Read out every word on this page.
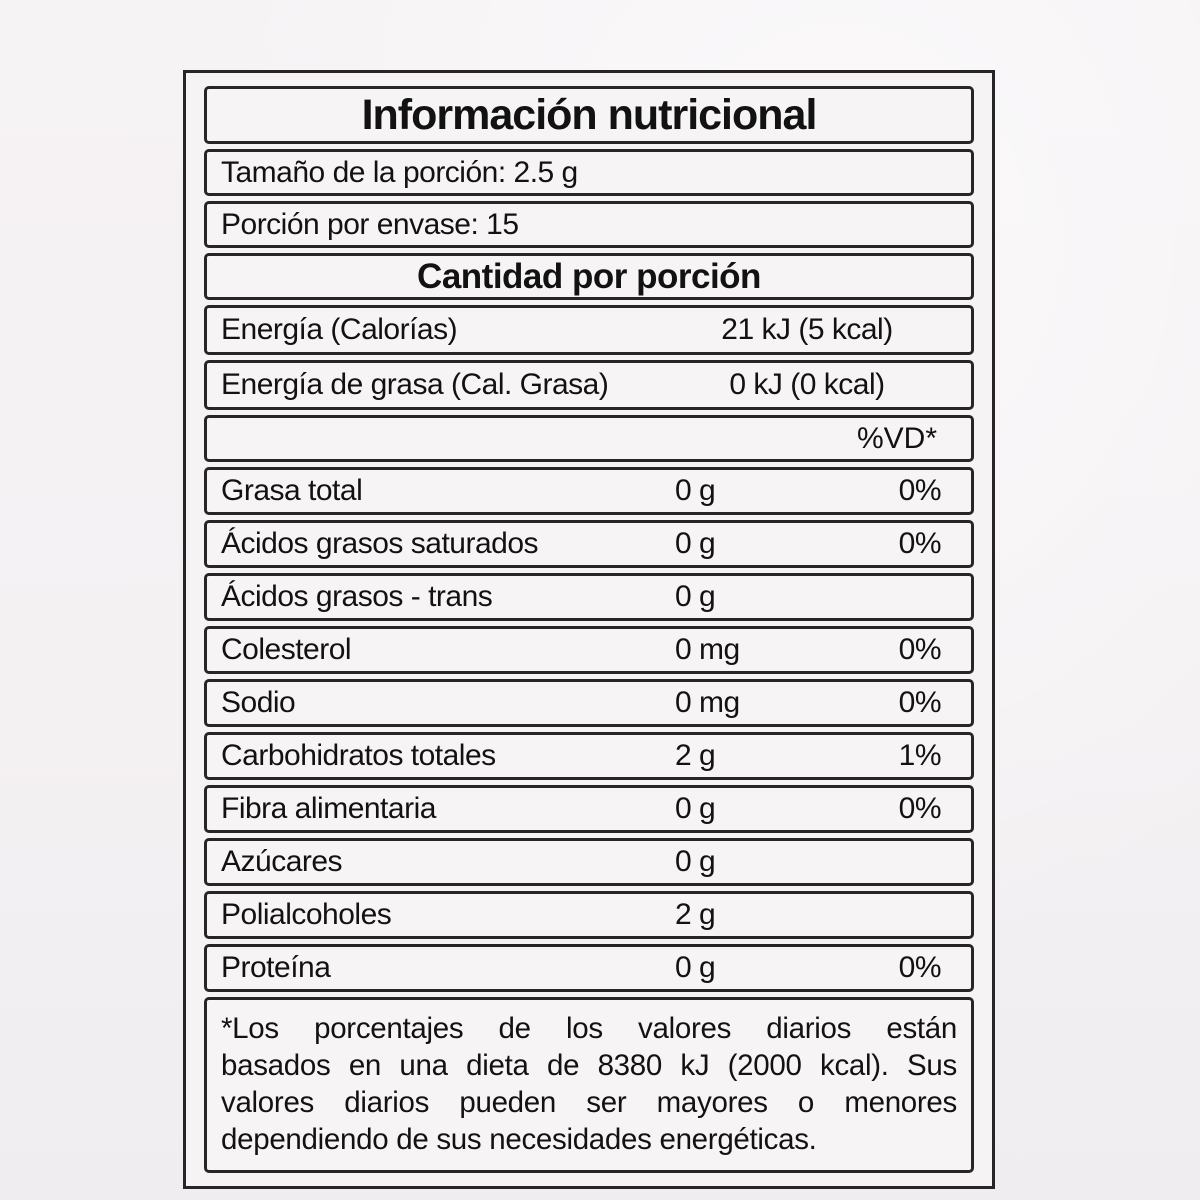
Información nutricional
Tamaño de la porción: 2.5 g
Porción por envase: 15
Cantidad por porción
Energía (Calorías)	21 kJ (5 kcal)
Energía de grasa (Cal. Grasa)	0 kJ (0 kcal)
%VD*
Grasa total	0 g	0%
Ácidos grasos saturados	0 g	0%
Ácidos grasos - trans	0 g
Colesterol	0 mg	0%
Sodio	0 mg	0%
Carbohidratos totales	2 g	1%
Fibra alimentaria	0 g	0%
Azúcares	0 g
Polialcoholes	2 g
Proteína	0 g	0%
*Los porcentajes de los valores diarios están
basados en una dieta de 8380 kJ (2000 kcal). Sus
valores diarios pueden ser mayores o menores
dependiendo de sus necesidades energéticas.
